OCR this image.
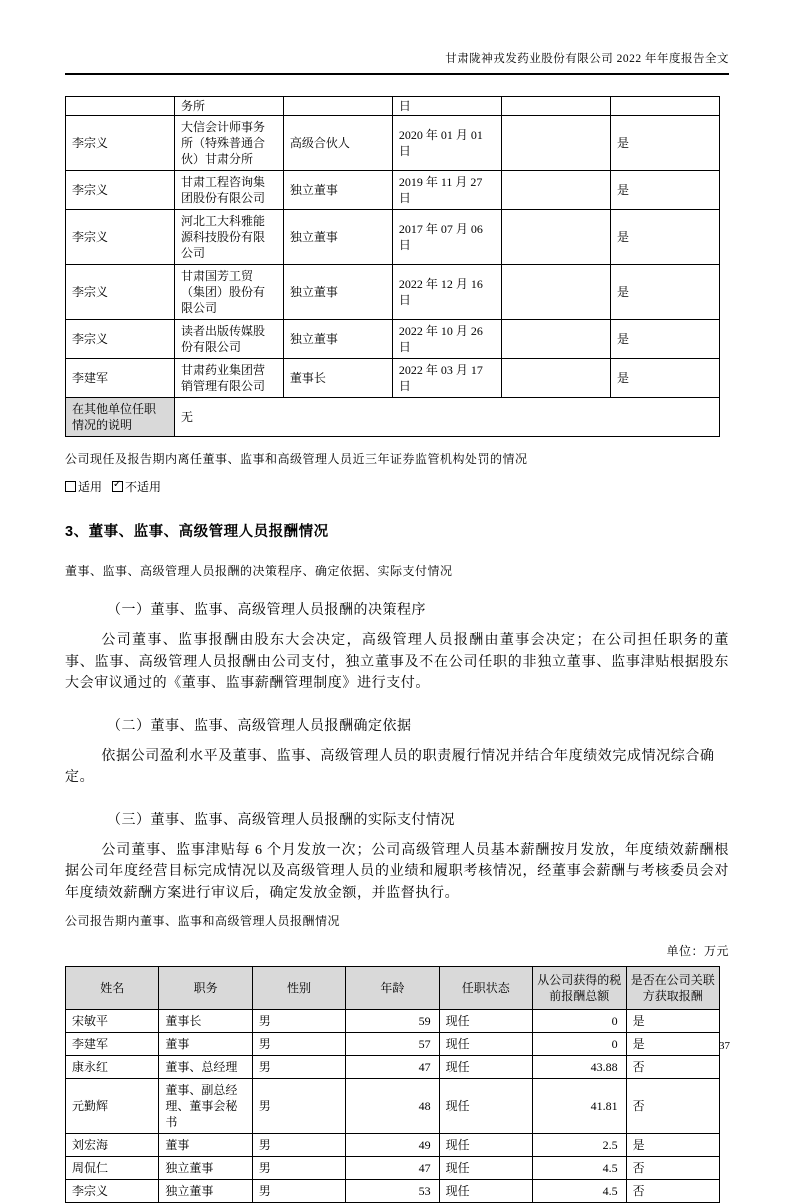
甘肃陇神戎发药业股份有限公司 2022 年年度报告全文
	务所		日		
李宗义	大信会计师事务所（特殊普通合伙）甘肃分所	高级合伙人	2020 年 01 月 01 日		是
李宗义	甘肃工程咨询集团股份有限公司	独立董事	2019 年 11 月 27 日		是
李宗义	河北工大科雅能源科技股份有限公司	独立董事	2017 年 07 月 06 日		是
李宗义	甘肃国芳工贸（集团）股份有限公司	独立董事	2022 年 12 月 16 日		是
李宗义	读者出版传媒股份有限公司	独立董事	2022 年 10 月 26 日		是
李建军	甘肃药业集团营销管理有限公司	董事长	2022 年 03 月 17 日		是
在其他单位任职情况的说明	无				
公司现任及报告期内离任董事、监事和高级管理人员近三年证券监管机构处罚的情况
适用 ✓ 不适用
3、董事、监事、高级管理人员报酬情况
董事、监事、高级管理人员报酬的决策程序、确定依据、实际支付情况
（一）董事、监事、高级管理人员报酬的决策程序
公司董事、监事报酬由股东大会决定，高级管理人员报酬由董事会决定；在公司担任职务的董事、监事、高级管理人员报酬由公司支付，独立董事及不在公司任职的非独立董事、监事津贴根据股东大会审议通过的《董事、监事薪酬管理制度》进行支付。
（二）董事、监事、高级管理人员报酬确定依据
依据公司盈利水平及董事、监事、高级管理人员的职责履行情况并结合年度绩效完成情况综合确定。
（三）董事、监事、高级管理人员报酬的实际支付情况
公司董事、监事津贴每 6 个月发放一次；公司高级管理人员基本薪酬按月发放，年度绩效薪酬根据公司年度经营目标完成情况以及高级管理人员的业绩和履职考核情况，经董事会薪酬与考核委员会对年度绩效薪酬方案进行审议后，确定发放金额，并监督执行。
公司报告期内董事、监事和高级管理人员报酬情况
单位：万元
姓名	职务	性别	年龄	任职状态	从公司获得的税前报酬总额	是否在公司关联方获取报酬
宋敏平	董事长	男	59	现任	0	是
李建军	董事	男	57	现任	0	是
康永红	董事、总经理	男	47	现任	43.88	否
元勤辉	董事、副总经理、董事会秘书	男	48	现任	41.81	否
刘宏海	董事	男	49	现任	2.5	是
周侃仁	独立董事	男	47	现任	4.5	否
李宗义	独立董事	男	53	现任	4.5	否
37
